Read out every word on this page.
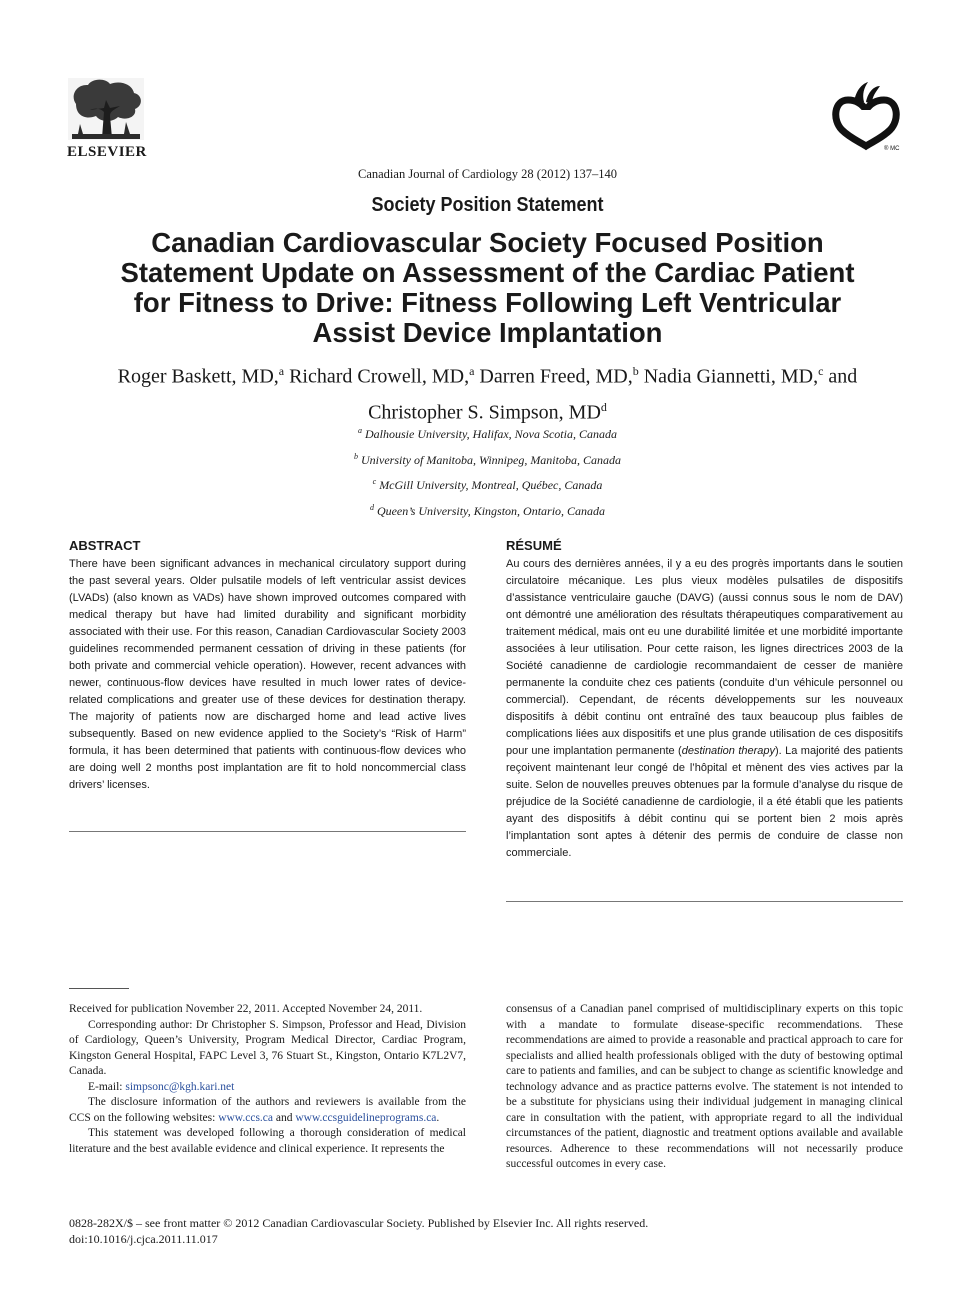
ELSEVIER	® MC
Canadian Journal of Cardiology 28 (2012) 137–140
Society Position Statement
Canadian Cardiovascular Society Focused Position Statement Update on Assessment of the Cardiac Patient for Fitness to Drive: Fitness Following Left Ventricular Assist Device Implantation
Roger Baskett, MD,$^a$ Richard Crowell, MD,$^a$ Darren Freed, MD,$^b$ Nadia Giannetti, MD,$^c$ and
Christopher S. Simpson, $MD^d$
$^a$ Dalhousie University, Halifax, Nova Scotia, Canada
$^b$ University of Manitoba, Winnipeg, Manitoba, Canada
$^c$ McGill University, Montreal, Québec, Canada
$^d$ Queen’s University, Kingston, Ontario, Canada
ABSTRACT

There have been significant advances in mechanical circulatory support during the past several years. Older pulsatile models of left ventricular assist devices (LVADs) (also known as VADs) have shown improved outcomes compared with medical therapy but have had limited durability and significant morbidity associated with their use. For this reason, Canadian Cardiovascular Society 2003 guidelines recommended permanent cessation of driving in these patients (for both private and commercial vehicle operation). However, recent advances with newer, continuous-flow devices have resulted in much lower rates of device-related complications and greater use of these devices for destination therapy. The majority of patients now are discharged home and lead active lives subsequently. Based on new evidence applied to the Society’s “Risk of Harm” formula, it has been determined that patients with continuous-flow devices who are doing well 2 months post implantation are fit to hold noncommercial class drivers’ licenses.

RÉSUMÉ

Au cours des dernières années, il y a eu des progrès importants dans le soutien circulatoire mécanique. Les plus vieux modèles pulsatiles de dispositifs d’assistance ventriculaire gauche (DAVG) (aussi connus sous le nom de DAV) ont démontré une amélioration des résultats thérapeutiques comparativement au traitement médical, mais ont eu une durabilité limitée et une morbidité importante associées à leur utilisation. Pour cette raison, les lignes directrices 2003 de la Société canadienne de cardiologie recommandaient de cesser de manière permanente la conduite chez ces patients (conduite d’un véhicule personnel ou commercial). Cependant, de récents développements sur les nouveaux dispositifs à débit continu ont entraîné des taux beaucoup plus faibles de complications liées aux dispositifs et une plus grande utilisation de ces dispositifs pour une implantation permanente (destination therapy). La majorité des patients reçoivent maintenant leur congé de l’hôpital et mènent des vies actives par la suite. Selon de nouvelles preuves obtenues par la formule d’analyse du risque de préjudice de la Société canadienne de cardiologie, il a été établi que les patients ayant des dispositifs à débit continu qui se portent bien 2 mois après l’implantation sont aptes à détenir des permis de conduire de classe non commerciale.

Received for publication November 22, 2011. Accepted November 24, 2011.

Corresponding author: Dr Christopher S. Simpson, Professor and Head, Division of Cardiology, Queen’s University, Program Medical Director, Cardiac Program, Kingston General Hospital, FAPC Level 3, 76 Stuart St., Kingston, Ontario K7L2V7, Canada.

E-mail: simpsonc@kgh.kari.net

The disclosure information of the authors and reviewers is available from the CCS on the following websites: www.ccs.ca and www.ccsguidelineprograms.ca.

This statement was developed following a thorough consideration of medical literature and the best available evidence and clinical experience. It represents the

consensus of a Canadian panel comprised of multidisciplinary experts on this topic with a mandate to formulate disease-specific recommendations. These recommendations are aimed to provide a reasonable and practical approach to care for specialists and allied health professionals obliged with the duty of bestowing optimal care to patients and families, and can be subject to change as scientific knowledge and technology advance and as practice patterns evolve. The statement is not intended to be a substitute for physicians using their individual judgement in managing clinical care in consultation with the patient, with appropriate regard to all the individual circumstances of the patient, diagnostic and treatment options available and available resources. Adherence to these recommendations will not necessarily produce successful outcomes in every case.

0828-282X/$ – see front matter © 2012 Canadian Cardiovascular Society. Published by Elsevier Inc. All rights reserved.
doi:10.1016/j.cjca.2011.11.017
